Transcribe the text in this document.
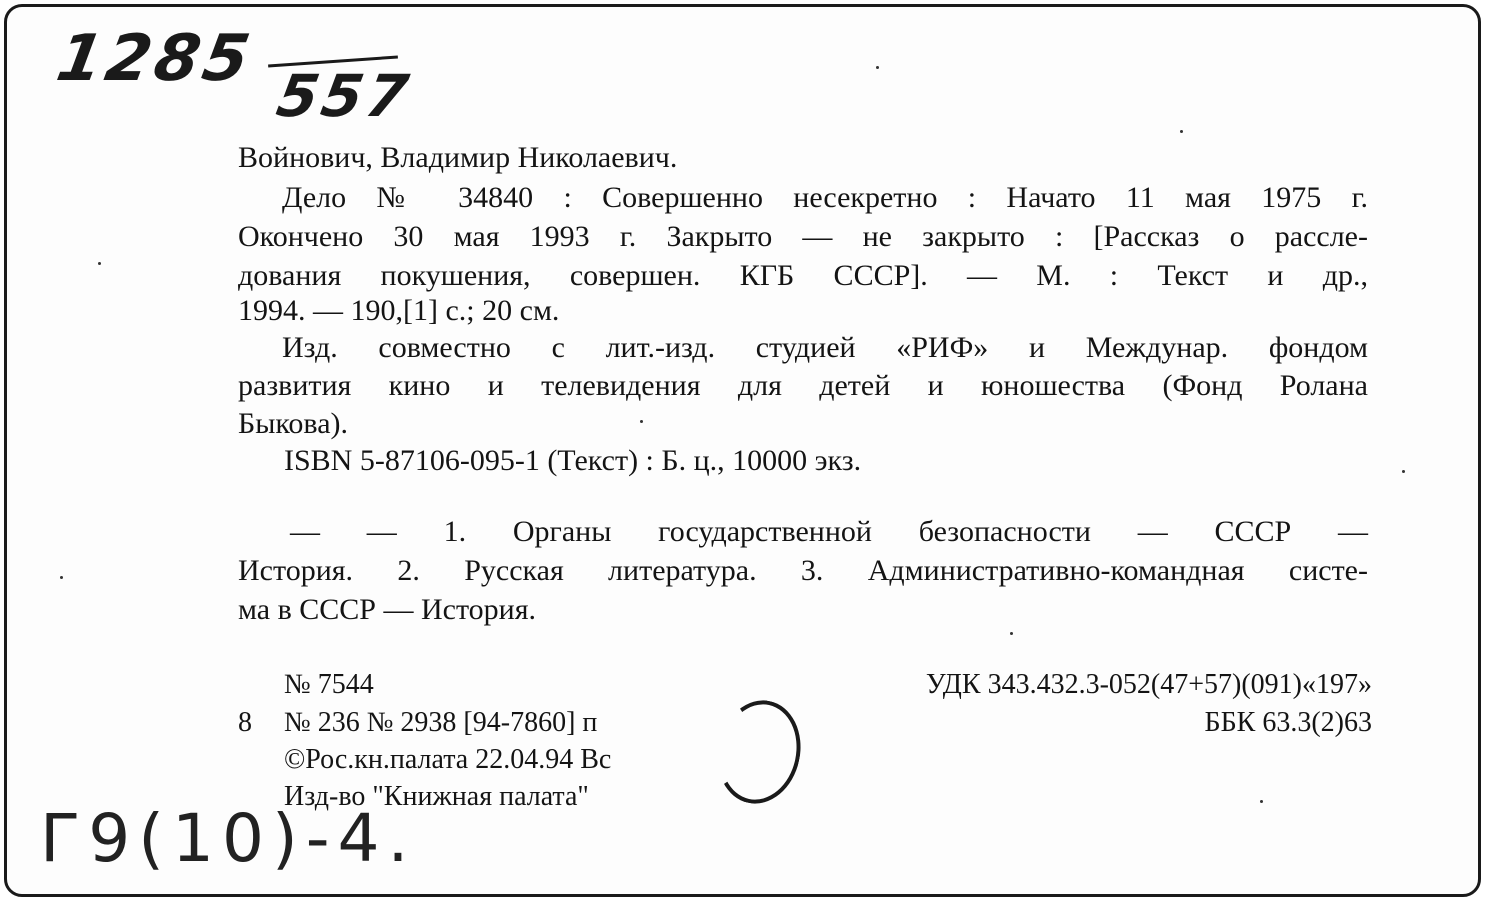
1285 557
Войнович, Владимир Николаевич.
Дело № 34840 : Совершенно несекретно : Начато 11 мая 1975 г.
Окончено 30 мая 1993 г. Закрыто — не закрыто : [Рассказ о рассле-
дования покушения, совершен. КГБ СССР]. — М. : Текст и др.,
1994. — 190,[1] с.; 20 см.
Изд. совместно с лит.-изд. студией «РИФ» и Междунар. фондом
развития кино и телевидения для детей и юношества (Фонд Ролана
Быкова).
ISBN 5-87106-095-1 (Текст) : Б. ц., 10000 экз.
— — 1. Органы государственной безопасности — СССР —
История. 2. Русская литература. 3. Административно-командная систе-
ма в СССР — История.
№ 7544	УДК 343.432.3-052(47+57)(091)«197»
8 № 236 № 2938 [94-7860] п	ББК 63.3(2)63
©Рос.кн.палата 22.04.94 Вс
Изд-во "Книжная палата"
Г9(10)-4.
